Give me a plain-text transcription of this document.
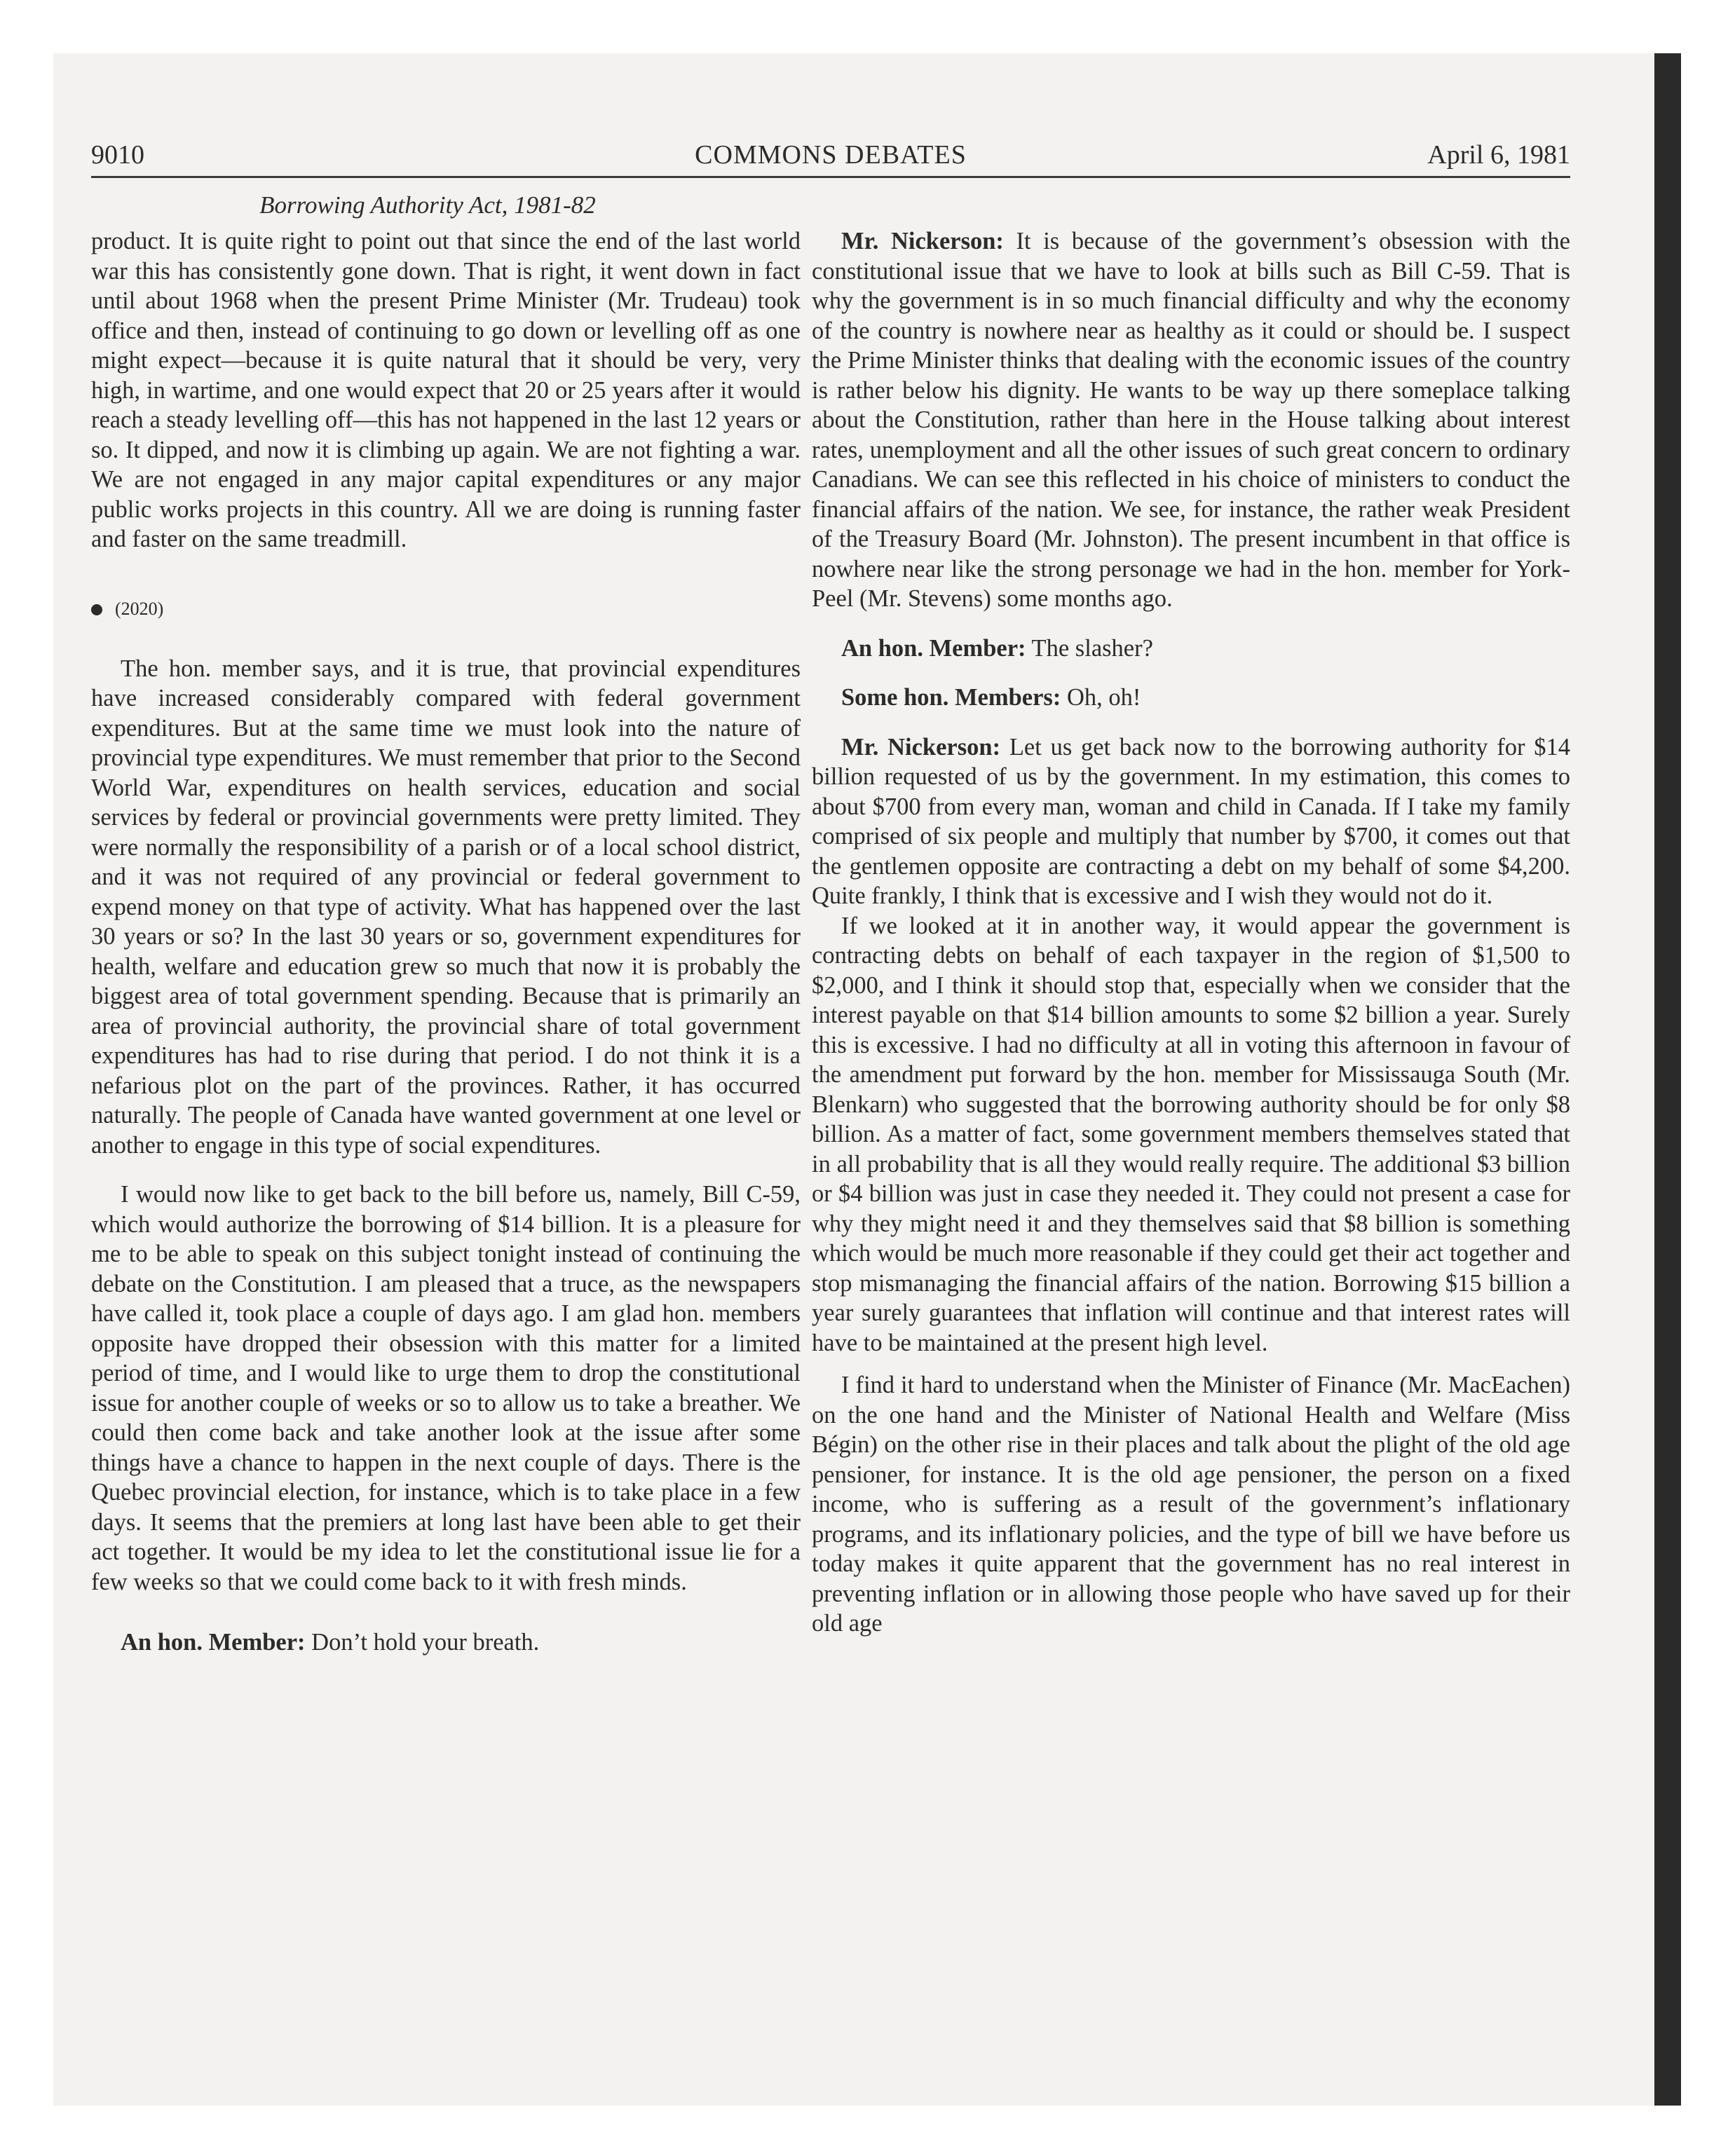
9010	COMMONS DEBATES	April 6, 1981
Borrowing Authority Act, 1981-82

product. It is quite right to point out that since the end of the last world war this has consistently gone down. That is right, it went down in fact until about 1968 when the present Prime Minister (Mr. Trudeau) took office and then, instead of continuing to go down or levelling off as one might expect—because it is quite natural that it should be very, very high, in wartime, and one would expect that 20 or 25 years after it would reach a steady levelling off—this has not happened in the last 12 years or so. It dipped, and now it is climbing up again. We are not fighting a war. We are not engaged in any major capital expenditures or any major public works projects in this country. All we are doing is running faster and faster on the same treadmill.

(2020)

The hon. member says, and it is true, that provincial expenditures have increased considerably compared with federal government expenditures. But at the same time we must look into the nature of provincial type expenditures. We must remember that prior to the Second World War, expenditures on health services, education and social services by federal or provincial governments were pretty limited. They were normally the responsibility of a parish or of a local school district, and it was not required of any provincial or federal government to expend money on that type of activity. What has happened over the last 30 years or so? In the last 30 years or so, government expenditures for health, welfare and education grew so much that now it is probably the biggest area of total government spending. Because that is primarily an area of provincial authority, the provincial share of total government expenditures has had to rise during that period. I do not think it is a nefarious plot on the part of the provinces. Rather, it has occurred naturally. The people of Canada have wanted government at one level or another to engage in this type of social expenditures.

I would now like to get back to the bill before us, namely, Bill C-59, which would authorize the borrowing of $14 billion. It is a pleasure for me to be able to speak on this subject tonight instead of continuing the debate on the Constitution. I am pleased that a truce, as the newspapers have called it, took place a couple of days ago. I am glad hon. members opposite have dropped their obsession with this matter for a limited period of time, and I would like to urge them to drop the constitutional issue for another couple of weeks or so to allow us to take a breather. We could then come back and take another look at the issue after some things have a chance to happen in the next couple of days. There is the Quebec provincial election, for instance, which is to take place in a few days. It seems that the premiers at long last have been able to get their act together. It would be my idea to let the constitutional issue lie for a few weeks so that we could come back to it with fresh minds.

An hon. Member: Don’t hold your breath.

Mr. Nickerson: It is because of the government’s obsession with the constitutional issue that we have to look at bills such as Bill C-59. That is why the government is in so much financial difficulty and why the economy of the country is nowhere near as healthy as it could or should be. I suspect the Prime Minister thinks that dealing with the economic issues of the country is rather below his dignity. He wants to be way up there someplace talking about the Constitution, rather than here in the House talking about interest rates, unemployment and all the other issues of such great concern to ordinary Canadians. We can see this reflected in his choice of ministers to conduct the financial affairs of the nation. We see, for instance, the rather weak President of the Treasury Board (Mr. Johnston). The present incumbent in that office is nowhere near like the strong personage we had in the hon. member for York-Peel (Mr. Stevens) some months ago.

An hon. Member: The slasher?

Some hon. Members: Oh, oh!

Mr. Nickerson: Let us get back now to the borrowing authority for $14 billion requested of us by the government. In my estimation, this comes to about $700 from every man, woman and child in Canada. If I take my family comprised of six people and multiply that number by $700, it comes out that the gentlemen opposite are contracting a debt on my behalf of some $4,200. Quite frankly, I think that is excessive and I wish they would not do it.

If we looked at it in another way, it would appear the government is contracting debts on behalf of each taxpayer in the region of $1,500 to $2,000, and I think it should stop that, especially when we consider that the interest payable on that $14 billion amounts to some $2 billion a year. Surely this is excessive. I had no difficulty at all in voting this afternoon in favour of the amendment put forward by the hon. member for Mississauga South (Mr. Blenkarn) who suggested that the borrowing authority should be for only $8 billion. As a matter of fact, some government members themselves stated that in all probability that is all they would really require. The additional $3 billion or $4 billion was just in case they needed it. They could not present a case for why they might need it and they themselves said that $8 billion is something which would be much more reasonable if they could get their act together and stop mismanaging the financial affairs of the nation. Borrowing $15 billion a year surely guarantees that inflation will continue and that interest rates will have to be maintained at the present high level.

I find it hard to understand when the Minister of Finance (Mr. MacEachen) on the one hand and the Minister of National Health and Welfare (Miss Bégin) on the other rise in their places and talk about the plight of the old age pensioner, for instance. It is the old age pensioner, the person on a fixed income, who is suffering as a result of the government’s inflationary programs, and its inflationary policies, and the type of bill we have before us today makes it quite apparent that the government has no real interest in preventing inflation or in allowing those people who have saved up for their old age
